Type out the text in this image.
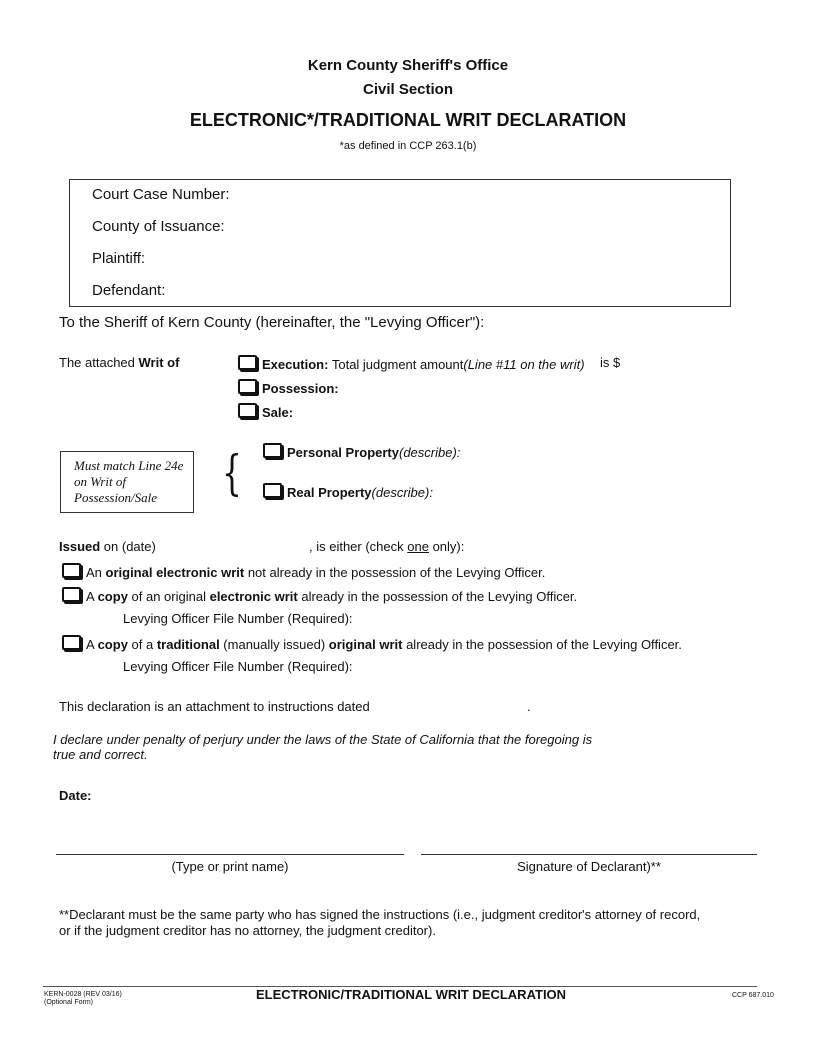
Kern County Sheriff's Office
Civil Section
ELECTRONIC*/TRADITIONAL WRIT DECLARATION
*as defined in CCP 263.1(b)
Court Case Number:
County of Issuance:
Plaintiff:
Defendant:
To the Sheriff of Kern County (hereinafter, the "Levying Officer"):
The attached Writ of	Execution: Total judgment amount(Line #11 on the writ) is $
Possession:
Sale:
Must match Line 24e on Writ of Possession/Sale	{	Personal Property(describe):
Real Property(describe):
Issued on (date)	, is either (check one only):
An original electronic writ not already in the possession of the Levying Officer.
A copy of an original electronic writ already in the possession of the Levying Officer.
Levying Officer File Number (Required):
A copy of a traditional (manually issued) original writ already in the possession of the Levying Officer.
Levying Officer File Number (Required):
This declaration is an attachment to instructions dated	.
I declare under penalty of perjury under the laws of the State of California that the foregoing is
true and correct.
Date:
(Type or print name)	Signature of Declarant)**
**Declarant must be the same party who has signed the instructions (i.e., judgment creditor's attorney of record,
or if the judgment creditor has no attorney, the judgment creditor).
KERN-0028 (REV 03/16)
(Optional Form)
ELECTRONIC/TRADITIONAL WRIT DECLARATION	CCP 687.010
